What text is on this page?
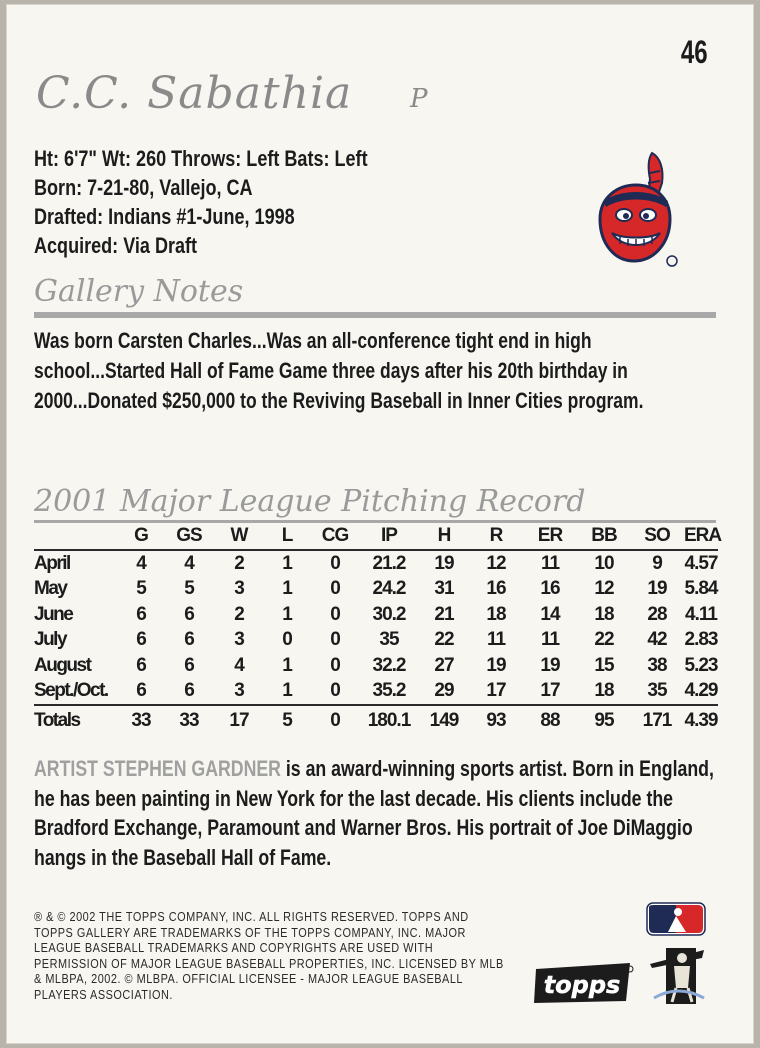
46
C.C. Sabathia P
Ht: 6'7" Wt: 260 Throws: Left Bats: Left
Born: 7-21-80, Vallejo, CA
Drafted: Indians #1-June, 1998
Acquired: Via Draft
Gallery Notes
Was born Carsten Charles...Was an all-conference tight end in high school...Started Hall of Fame Game three days after his 20th birthday in 2000...Donated $250,000 to the Reviving Baseball in Inner Cities program.
2001 Major League Pitching Record
	G	GS	W	L	CG	IP	H	R	ER	BB	SO	ERA
April	4	4	2	1	0	21.2	19	12	11	10	9	4.57
May	5	5	3	1	0	24.2	31	16	16	12	19	5.84
June	6	6	2	1	0	30.2	21	18	14	18	28	4.11
July	6	6	3	0	0	35	22	11	11	22	42	2.83
August	6	6	4	1	0	32.2	27	19	19	15	38	5.23
Sept./Oct.	6	6	3	1	0	35.2	29	17	17	18	35	4.29
Totals	33	33	17	5	0	180.1	149	93	88	95	171	4.39
ARTIST STEPHEN GARDNER is an award-winning sports artist. Born in England, he has been painting in New York for the last decade. His clients include the Bradford Exchange, Paramount and Warner Bros. His portrait of Joe DiMaggio hangs in the Baseball Hall of Fame.
® & © 2002 THE TOPPS COMPANY, INC. ALL RIGHTS RESERVED. TOPPS AND TOPPS GALLERY ARE TRADEMARKS OF THE TOPPS COMPANY, INC. MAJOR LEAGUE BASEBALL TRADEMARKS AND COPYRIGHTS ARE USED WITH PERMISSION OF MAJOR LEAGUE BASEBALL PROPERTIES, INC. LICENSED BY MLB & MLBPA, 2002. © MLBPA. OFFICIAL LICENSEE - MAJOR LEAGUE BASEBALL PLAYERS ASSOCIATION.	topps
